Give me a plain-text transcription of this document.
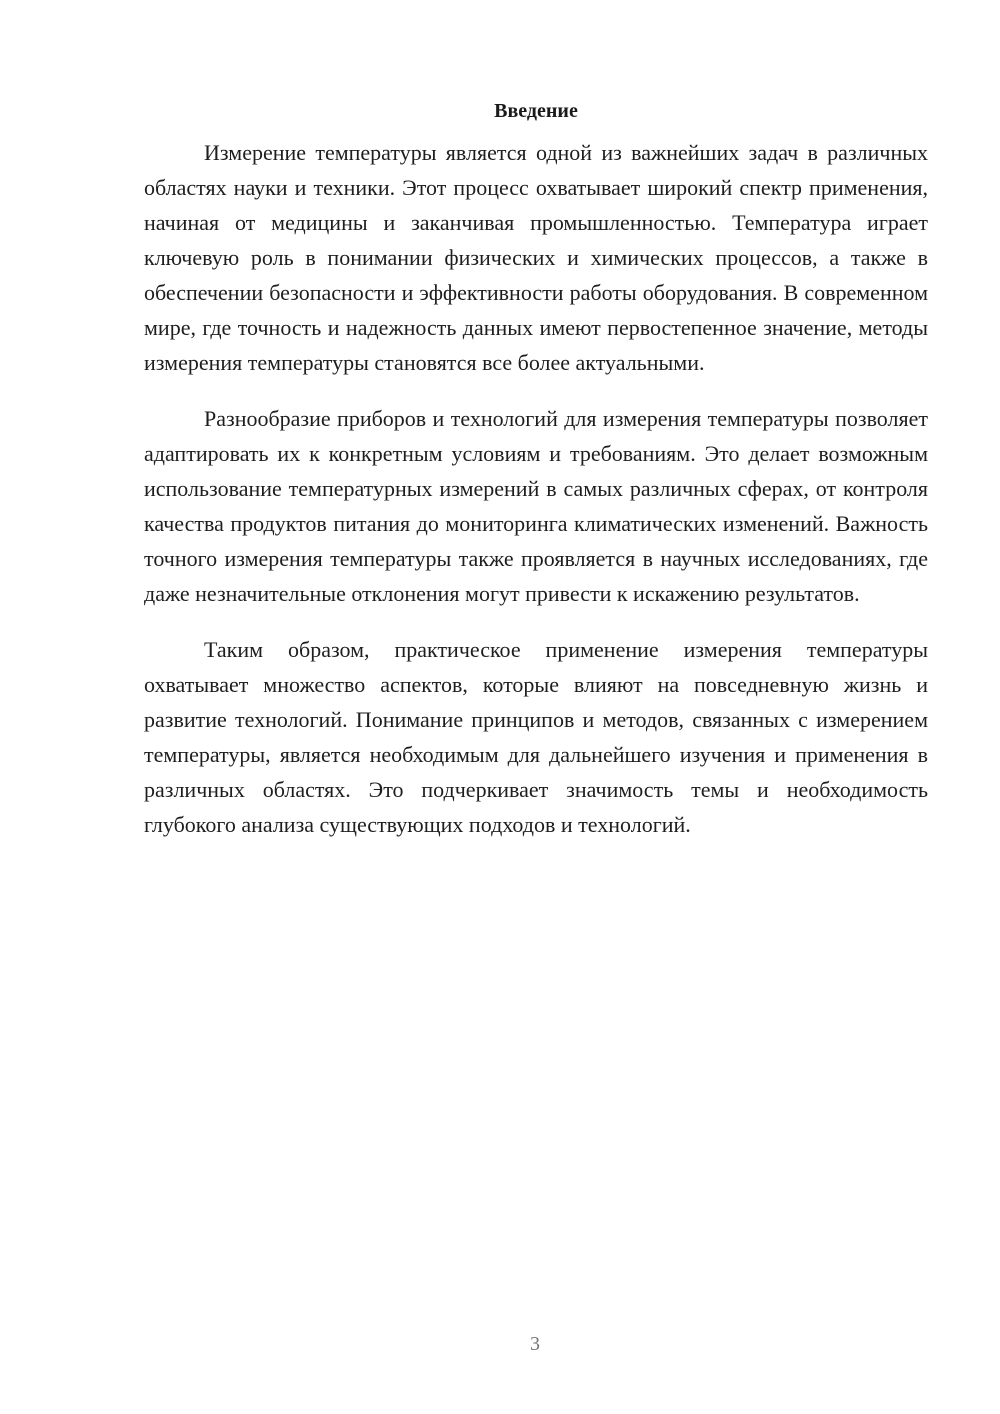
Введение

Измерение температуры является одной из важнейших задач в различных областях науки и техники. Этот процесс охватывает широкий спектр применения, начиная от медицины и заканчивая промышленностью. Температура играет ключевую роль в понимании физических и химических процессов, а также в обеспечении безопасности и эффективности работы оборудования. В современном мире, где точность и надежность данных имеют первостепенное значение, методы измерения температуры становятся все более актуальными.

Разнообразие приборов и технологий для измерения температуры позволяет адаптировать их к конкретным условиям и требованиям. Это делает возможным использование температурных измерений в самых различных сферах, от контроля качества продуктов питания до мониторинга климатических изменений. Важность точного измерения температуры также проявляется в научных исследованиях, где даже незначительные отклонения могут привести к искажению результатов.

Таким образом, практическое применение измерения температуры охватывает множество аспектов, которые влияют на повседневную жизнь и развитие технологий. Понимание принципов и методов, связанных с измерением температуры, является необходимым для дальнейшего изучения и применения в различных областях. Это подчеркивает значимость темы и необходимость глубокого анализа существующих подходов и технологий.

3
